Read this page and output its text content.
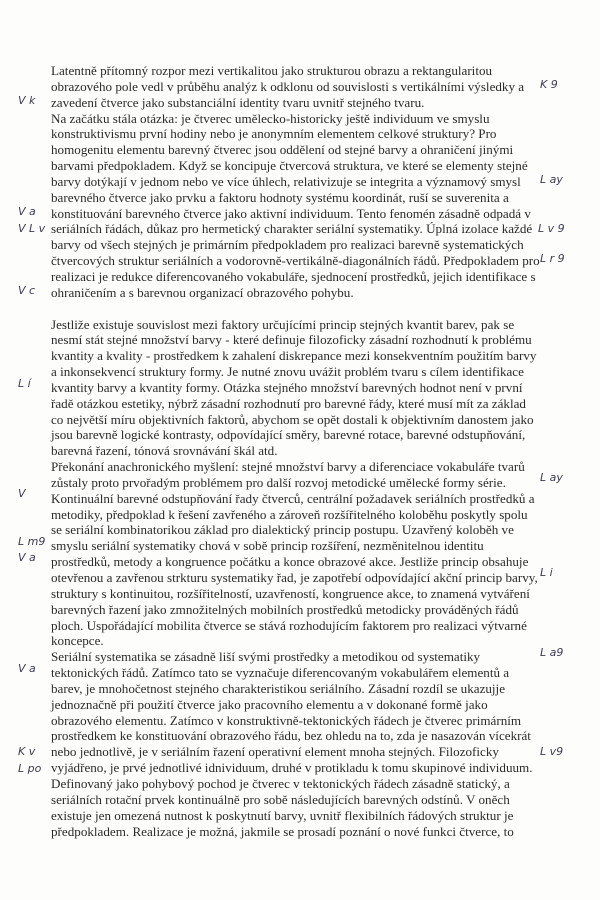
Latentně přítomný rozpor mezi vertikalitou jako strukturou obrazu a rektangularitou
obrazového pole vedl v průběhu analýz k odklonu od souvislosti s vertikálními výsledky a
zavedení čtverce jako substanciální identity tvaru uvnitř stejného tvaru.
Na začátku stála otázka: je čtverec umělecko-historicky ještě individuum ve smyslu
konstruktivismu první hodiny nebo je anonymním elementem celkové struktury? Pro
homogenitu elementu barevný čtverec jsou oddělení od stejné barvy a ohraničení jinými
barvami předpokladem. Když se koncipuje čtvercová struktura, ve které se elementy stejné
barvy dotýkají v jednom nebo ve více úhlech, relativizuje se integrita a významový smysl
barevného čtverce jako prvku a faktoru hodnoty systému koordinát, ruší se suverenita a
konstituování barevného čtverce jako aktivní individuum. Tento fenomén zásadně odpadá v
seriálních řádách, důkaz pro hermetický charakter seriální systematiky. Úplná izolace každé
barvy od všech stejných je primárním předpokladem pro realizaci barevně systematických
čtvercových struktur seriálních a vodorovně-vertikálně-diagonálních řádů. Předpokladem pro
realizaci je redukce diferencovaného vokabuláře, sjednocení prostředků, jejich identifikace s
ohraničením a s barevnou organizací obrazového pohybu.
Jestliže existuje souvislost mezi faktory určujícími princip stejných kvantit barev, pak se
nesmí stát stejné množství barvy - které definuje filozoficky zásadní rozhodnutí k problému
kvantity a kvality - prostředkem k zahalení diskrepance mezi konsekventním použitím barvy
a inkonsekvencí struktury formy. Je nutné znovu uvážit problém tvaru s cílem identifikace
kvantity barvy a kvantity formy. Otázka stejného množství barevných hodnot není v první
řadě otázkou estetiky, nýbrž zásadní rozhodnutí pro barevné řády, které musí mít za základ
co největší míru objektivních faktorů, abychom se opět dostali k objektivním danostem jako
jsou barevně logické kontrasty, odpovídající směry, barevné rotace, barevné odstupňování,
barevná řazení, tónová srovnávání škál atd.
Překonání anachronického myšlení: stejné množství barvy a diferenciace vokabuláře tvarů
zůstaly proto prvořadým problémem pro další rozvoj metodické umělecké formy série.
Kontinuální barevné odstupňování řady čtverců, centrální požadavek seriálních prostředků a
metodiky, předpoklad k řešení zavřeného a zároveň rozšířitelného koloběhu poskytly spolu
se seriální kombinatorikou základ pro dialektický princip postupu. Uzavřený koloběh ve
smyslu seriální systematiky chová v sobě princip rozšíření, nezměnitelnou identitu
prostředků, metody a kongruence počátku a konce obrazové akce. Jestliže princip obsahuje
otevřenou a zavřenou strkturu systematiky řad, je zapotřebí odpovídající akční princip barvy,
struktury s kontinuitou, rozšířitelností, uzavřeností, kongruence akce, to znamená vytváření
barevných řazení jako zmnožitelných mobilních prostředků metodicky prováděných řádů
ploch. Uspořádající mobilita čtverce se stává rozhodujícím faktorem pro realizaci výtvarné
koncepce.
Seriální systematika se zásadně liší svými prostředky a metodikou od systematiky
tektonických řádů. Zatímco tato se vyznačuje diferencovaným vokabulářem elementů a
barev, je mnohočetnost stejného charakteristikou seriálního. Zásadní rozdíl se ukazujje
jednoznačně při použití čtverce jako pracovního elementu a v dokonané formě jako
obrazového elementu. Zatímco v konstruktivně-tektonických řádech je čtverec primárním
prostředkem ke konstituování obrazového řádu, bez ohledu na to, zda je nasazován vícekrát
nebo jednotlivě, je v seriálním řazení operativní element mnoha stejných. Filozoficky
vyjádřeno, je prvé jednotlivé idnividuum, druhé v protikladu k tomu skupinové individuum.
Definovaný jako pohybový pochod je čtverec v tektonických řádech zásadně statický, a
seriálních rotační prvek kontinuálně pro sobě následujících barevných odstínů. V oněch
existuje jen omezená nutnost k poskytnutí barvy, uvnitř flexibilních řádových struktur je
předpokladem. Realizace je možná, jakmile se prosadí poznání o nové funkci čtverce, to
K 9
V k
L ay
V a
L v 9
V L v
L r 9
V c
L í
L ay
V
L m9
V a
L i
L a9
V a
K v	L v9
L po
